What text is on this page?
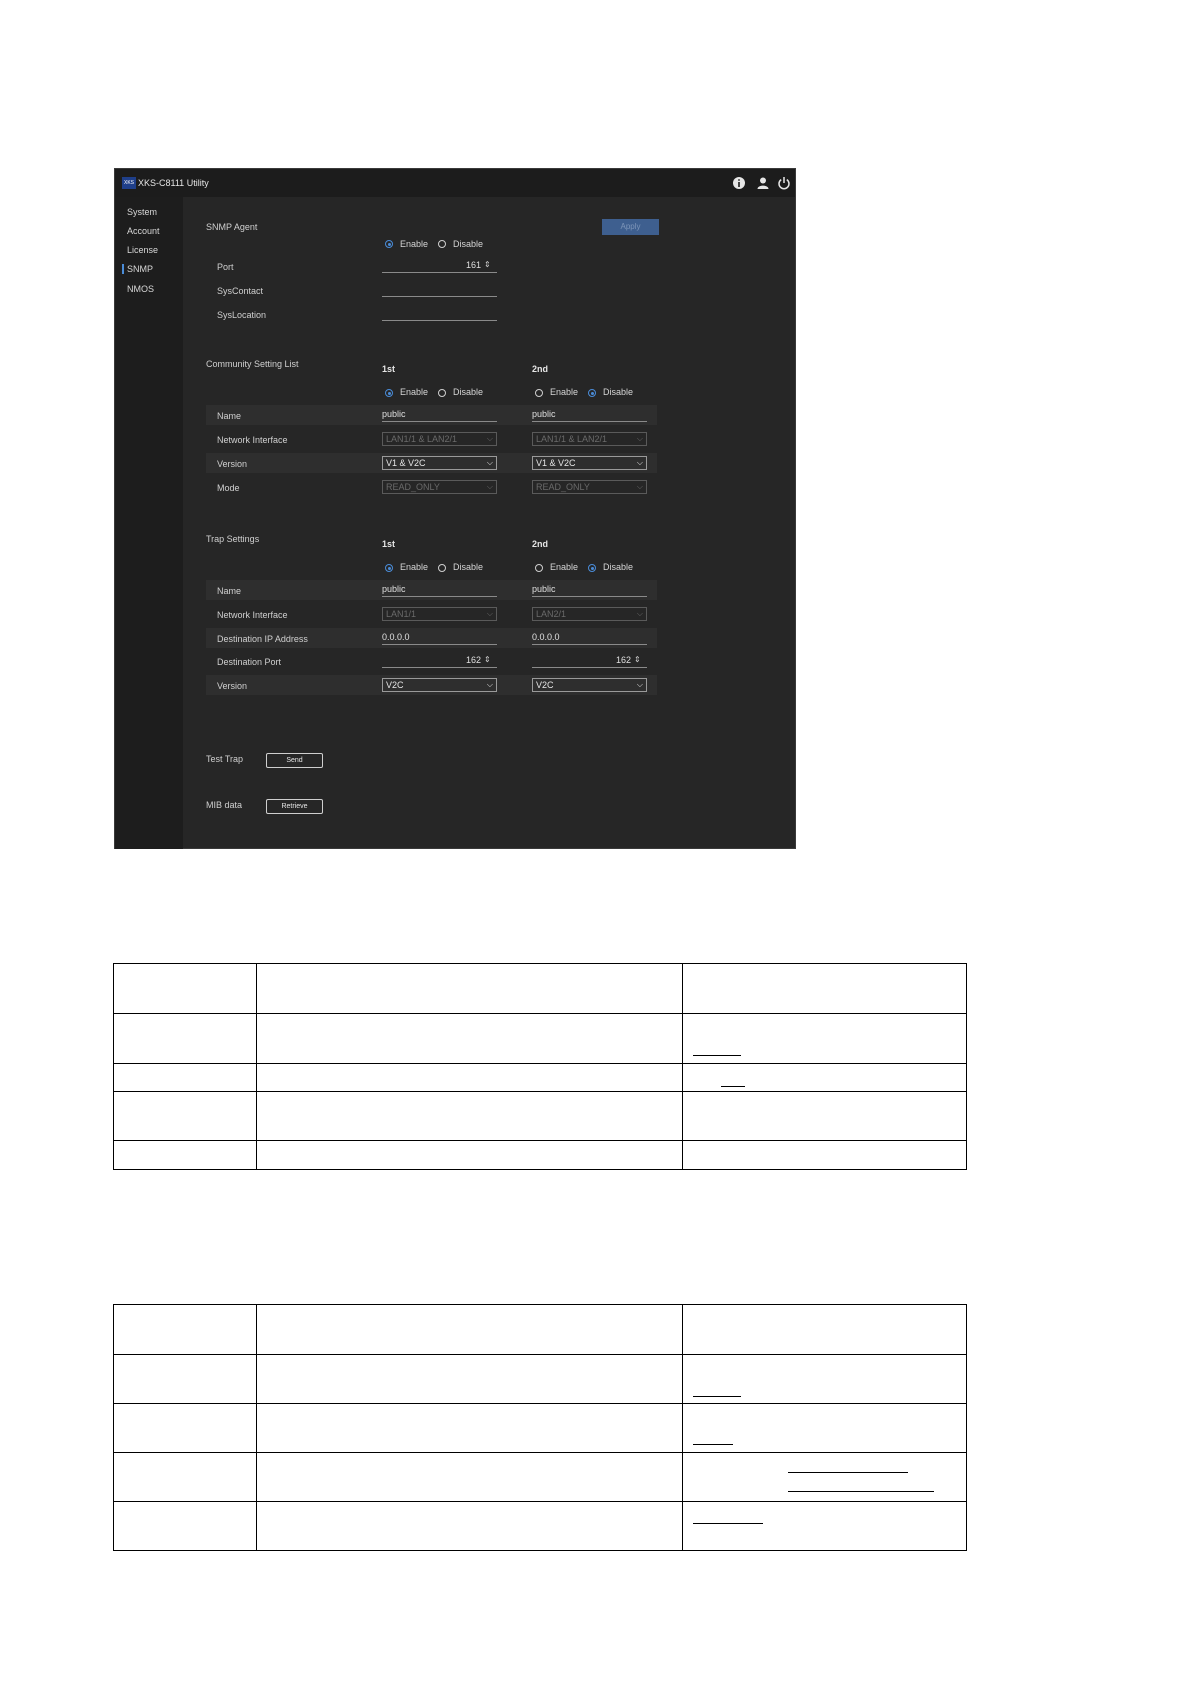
XKS XKS-C8111 Utility
System
Account
License
SNMP
NMOS
SNMP Agent	Apply
Enable	Disable
Port	161 ⇕
SysContact
SysLocation
Community Setting List	1st	2nd
Enable	Disable	Enable	Disable
Name	public	public
Network Interface	LAN1/1 & LAN2/1	⌵	LAN1/1 & LAN2/1	⌵
Version	V1 & V2C	⌵	V1 & V2C	⌵
Mode	READ_ONLY	⌵	READ_ONLY	⌵
Trap Settings	1st	2nd
Enable	Disable	Enable	Disable
Name	public	public
Network Interface	LAN1/1	⌵	LAN2/1	⌵
Destination IP Address	0.0.0.0	0.0.0.0
Destination Port	162 ⇕	162 ⇕
Version	V2C	⌵	V2C	⌵
Test Trap	Send
MIB data	Retrieve
